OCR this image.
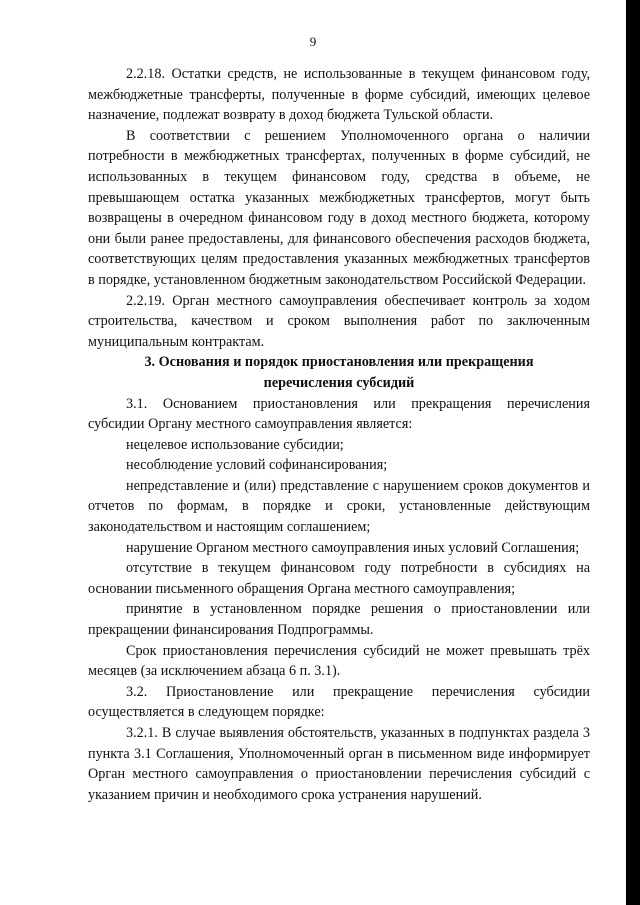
9

2.2.18. Остатки средств, не использованные в текущем финансовом году, межбюджетные трансферты, полученные в форме субсидий, имеющих целевое назначение, подлежат возврату в доход бюджета Тульской области.

В соответствии с решением Уполномоченного органа о наличии потребности в межбюджетных трансфертах, полученных в форме субсидий, не использованных в текущем финансовом году, средства в объеме, не превышающем остатка указанных межбюджетных трансфертов, могут быть возвращены в очередном финансовом году в доход местного бюджета, которому они были ранее предоставлены, для финансового обеспечения расходов бюджета, соответствующих целям предоставления указанных межбюджетных трансфертов в порядке, установленном бюджетным законодательством Российской Федерации.

2.2.19. Орган местного самоуправления обеспечивает контроль за ходом строительства, качеством и сроком выполнения работ по заключенным муниципальным контрактам.

3. Основания и порядок приостановления или прекращения
перечисления субсидий

3.1. Основанием приостановления или прекращения перечисления субсидии Органу местного самоуправления является:

нецелевое использование субсидии;

несоблюдение условий софинансирования;

непредставление и (или) представление с нарушением сроков документов и отчетов по формам, в порядке и сроки, установленные действующим законодательством и настоящим соглашением;

нарушение Органом местного самоуправления иных условий Соглашения;

отсутствие в текущем финансовом году потребности в субсидиях на основании письменного обращения Органа местного самоуправления;

принятие в установленном порядке решения о приостановлении или прекращении финансирования Подпрограммы.

Срок приостановления перечисления субсидий не может превышать трёх месяцев (за исключением абзаца 6 п. 3.1).

3.2. Приостановление или прекращение перечисления субсидии осуществляется в следующем порядке:

3.2.1. В случае выявления обстоятельств, указанных в подпунктах раздела 3 пункта 3.1 Соглашения, Уполномоченный орган в письменном виде информирует Орган местного самоуправления о приостановлении перечисления субсидий с указанием причин и необходимого срока устранения нарушений.
